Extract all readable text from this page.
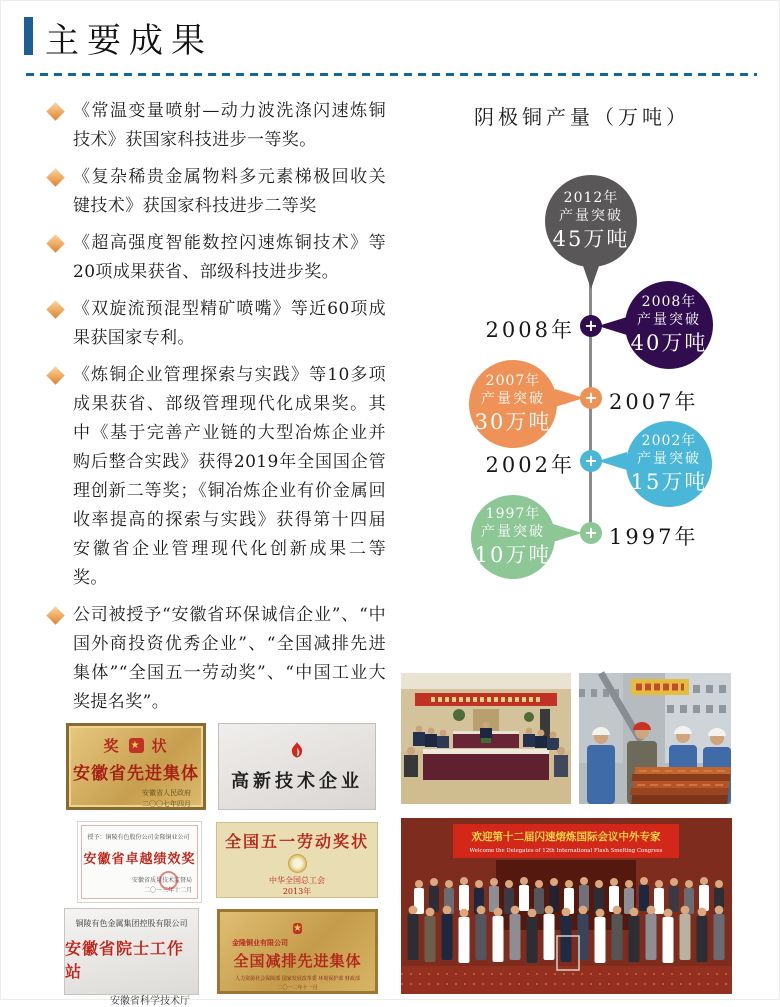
主要成果
《常温变量喷射—动力波洗涤闪速炼铜技术》获国家科技进步一等奖。
《复杂稀贵金属物料多元素梯极回收关键技术》获国家科技进步二等奖
《超高强度智能数控闪速炼铜技术》等20项成果获省、部级科技进步奖。
《双旋流预混型精矿喷嘴》等近60项成果获国家专利。
《炼铜企业管理探索与实践》等10多项成果获省、部级管理现代化成果奖。其中《基于完善产业链的大型冶炼企业并购后整合实践》获得2019年全国国企管理创新二等奖；《铜冶炼企业有价金属回收率提高的探索与实践》获得第十四届安徽省企业管理现代化创新成果二等奖。
公司被授予“安徽省环保诚信企业”、“中国外商投资优秀企业”、“全国减排先进集体”“全国五一劳动奖”、“中国工业大奖提名奖”。
阴极铜产量（万吨）
2012年
产量突破
45万吨
2008年
产量突破
40万吨
+
2008年
2007年
产量突破
30万吨
+ 2007年
2002年
产量突破
15万吨
+
2002年
1997年
产量突破
10万吨
+ 1997年
欢迎第十二届闪速熔炼国际会议中外专家
Welcome the Delegates of 12th International Flash Smelting Congress
奖 ★ 状
安徽省先进集体
安徽省人民政府
二〇〇七年四月
高新技术企业
授予：铜陵有色股份公司金隆铜业公司
安徽省卓越绩效奖
安徽省质量技术监督局
二〇一三年十二月
全国五一劳动奖状
中华全国总工会
2013年
铜陵有色金属集团控股有限公司
安徽省院士工作站
安徽省科学技术厅
★
金隆铜业有限公司
全国减排先进集体
人力资源社会保障部 国家发展改革委 环境保护部 财政部
二〇一二年十一月
